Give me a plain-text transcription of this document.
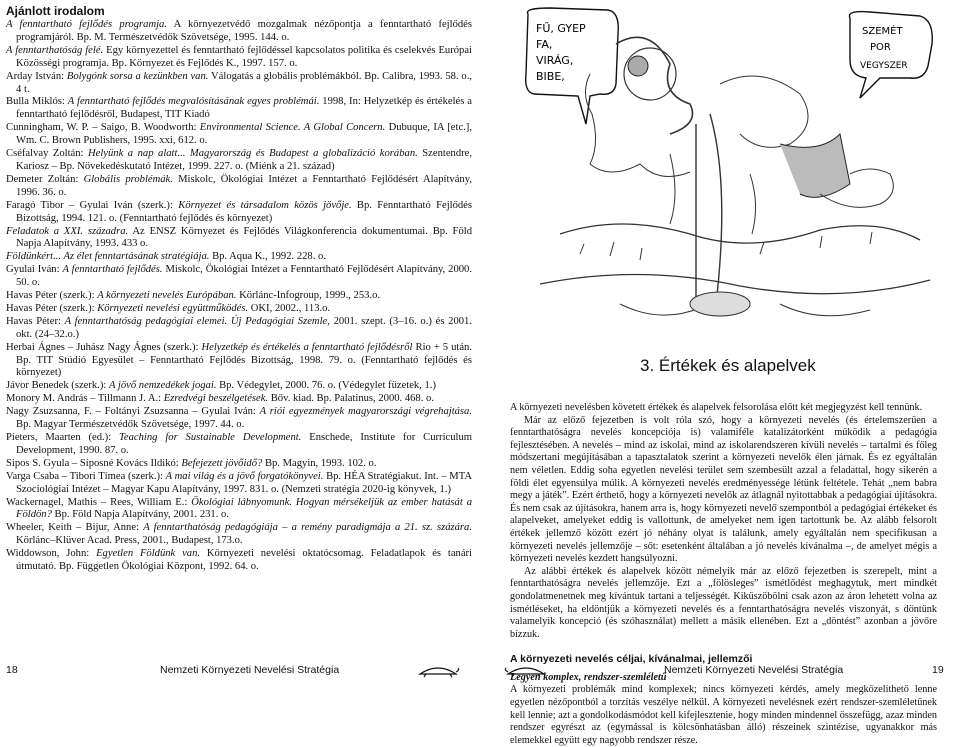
Ajánlott irodalom

A fenntartható fejlődés programja. A környezetvédő mozgalmak nézőpontja a fenntartható fejlődés programjáról. Bp. M. Természetvédők Szövetsége, 1995. 144. o.

A fenntarthatóság felé. Egy környezettel és fenntartható fejlődéssel kapcsolatos politika és cselekvés Európai Közösségi programja. Bp. Környezet és Fejlődés K., 1997. 157. o.

Arday István: Bolygónk sorsa a kezünkben van. Válogatás a globális problémákból. Bp. Calibra, 1993. 58. o., 4 t.

Bulla Miklós: A fenntartható fejlődés megvalósításának egyes problémái. 1998, In: Helyzetkép és értékelés a fenntartható fejlődésről, Budapest, TIT Kiadó

Cunningham, W. P. – Saigo, B. Woodworth: Environmental Science. A Global Concern. Dubuque, IA [etc.], Wm. C. Brown Publishers, 1995. xxi, 612. o.

Cséfalvay Zoltán: Helyünk a nap alatt... Magyarország és Budapest a globalizáció korában. Szentendre, Kariosz – Bp. Növekedéskutató Intézet, 1999. 227. o. (Miénk a 21. század)

Demeter Zoltán: Globális problémák. Miskolc, Ökológiai Intézet a Fenntartható Fejlődésért Alapítvány, 1996. 36. o.

Faragó Tibor – Gyulai Iván (szerk.): Környezet és társadalom közös jövője. Bp. Fenntartható Fejlődés Bizottság, 1994. 121. o. (Fenntartható fejlődés és környezet)

Feladatok a XXI. századra. Az ENSZ Környezet és Fejlődés Világkonferencia dokumentumai. Bp. Föld Napja Alapítvány, 1993. 433 o.

Földünkért... Az élet fenntartásának stratégiája. Bp. Aqua K., 1992. 228. o.

Gyulai Iván: A fenntartható fejlődés. Miskolc, Ökológiai Intézet a Fenntartható Fejlődésért Alapítvány, 2000. 50. o.

Havas Péter (szerk.): A környezeti nevelés Európában. Körlánc-Infogroup, 1999., 253.o.

Havas Péter (szerk.): Környezeti nevelési együttműködés. OKI, 2002., 113.o.

Havas Péter: A fenntarthatóság pedagógiai elemei. Új Pedagógiai Szemle, 2001. szept. (3–16. o.) és 2001. okt. (24–32.o.)

Herbai Ágnes – Juhász Nagy Ágnes (szerk.): Helyzetkép és értékelés a fenntartható fejlődésről Rio + 5 után. Bp. TIT Stúdió Egyesület – Fenntartható Fejlődés Bizottság, 1998. 79. o. (Fenntartható fejlődés és környezet)

Jávor Benedek (szerk.): A jövő nemzedékek jogai. Bp. Védegylet, 2000. 76. o. (Védegylet füzetek, 1.)

Monory M. András – Tillmann J. A.: Ezredvégi beszélgetések. Bőv. kiad. Bp. Palatinus, 2000. 468. o.

Nagy Zsuzsanna, F. – Foltányi Zsuzsanna – Gyulai Iván: A riói egyezmények magyarországi végrehajtása. Bp. Magyar Természetvédők Szövetsége, 1997. 44. o.

Pieters, Maarten (ed.): Teaching for Sustainable Development. Enschede, Institute for Curriculum Development, 1990. 87. o.

Sipos S. Gyula – Síposné Kovács Ildikó: Befejezett jövőidő? Bp. Magyin, 1993. 102. o.

Varga Csaba – Tibori Tímea (szerk.): A mai világ és a jövő forgatókönyvei. Bp. HÉA Stratégiakut. Int. – MTA Szociológiai Intézet – Magyar Kapu Alapítvány, 1997. 831. o. (Nemzeti stratégia 2020-ig könyvek, 1.)

Wackernagel, Mathis – Rees, William E.: Ökológiai lábnyomunk. Hogyan mérsékeljük az ember hatását a Földön? Bp. Föld Napja Alapítvány, 2001. 231. o.

Wheeler, Keith – Bijur, Anne: A fenntarthatóság pedagógiája – a remény paradigmája a 21. sz. százára. Körlánc–Klüver Acad. Press, 2001., Budapest, 173.o.

Widdowson, John: Egyetlen Földünk van. Környezeti nevelési oktatócsomag. Feladatlapok és tanári útmutató. Bp. Független Ökológiai Központ, 1992. 64. o.

18	Nemzeti Környezeti Nevelési Stratégia
FŰ, GYEP
FA,
VIRÁG,
BIBE,
SZEMÉT
POR
VEGYSZER
3. Értékek és alapelvek

A környezeti nevelésben követett értékek és alapelvek felsorolása előtt két megjegyzést kell tennünk.

Már az előző fejezetben is volt róla szó, hogy a környezeti nevelés (és értelemszerűen a fenntarthatóságra nevelés koncepciója is) valamiféle katalizátorként működik a pedagógia fejlesztésében. A nevelés – mind az iskolai, mind az iskolarendszeren kívüli nevelés – tartalmi és főleg módszertani megújításában a tapasztalatok szerint a környezeti nevelők élen járnak. És ez egyáltalán nem véletlen. Eddig soha egyetlen nevelési terület sem szembesült azzal a feladattal, hogy sikerén a földi élet egyensúlya múlik. A környezeti nevelés eredményessége létünk feltétele. Tehát „nem babra megy a játék”. Ezért érthető, hogy a környezeti nevelők az átlagnál nyitottabbak a pedagógiai újításokra. És nem csak az újításokra, hanem arra is, hogy környezeti nevelő szempontból a pedagógiai értékeket és alapelveket, amelyeket eddig is vallottunk, de amelyeket nem igen tartottunk be. Az alább felsorolt értékek jellemző között ezért jó néhány olyat is találunk, amely egyáltalán nem specifikusan a környezeti nevelés jellemzője – sőt: esetenként általában a jó nevelés kívánalma –, de amelyet mégis a környezeti nevelés kezdett hangsúlyozni.

Az alábbi értékek és alapelvek között némelyik már az előző fejezetben is szerepelt, mint a fenntarthatóságra nevelés jellemzője. Ezt a „fölösleges” ismétlődést meghagytuk, mert mindkét gondolatmenetnek meg kívántuk tartani a teljességét. Kiküszöbölni csak azon az áron lehetett volna az ismétléseket, ha eldöntjük a környezeti nevelés és a fenntarthatóságra nevelés viszonyát, s döntünk valamelyik koncepció (és szóhasználat) mellett a másik ellenében. Ezt a „döntést” azonban a jövőre bízzuk.

A környezeti nevelés céljai, kívánalmai, jellemzői

Legyen komplex, rendszer-szemléletű

A környezeti problémák mind komplexek; nincs környezeti kérdés, amely megközelíthető lenne egyetlen nézőpontból a torzítás veszélye nélkül. A környezeti nevelésnek ezért rendszer-szemléletűnek kell lennie; azt a gondolkodásmódot kell kifejlesztenie, hogy minden mindennel összefügg, azaz minden rendszer egyrészt az (egymással is kölcsönhatásban álló) részeinek szintézise, ugyanakkor más elemekkel együtt egy nagyobb rendszer része.

Nemzeti Környezeti Nevelési Stratégia	19
